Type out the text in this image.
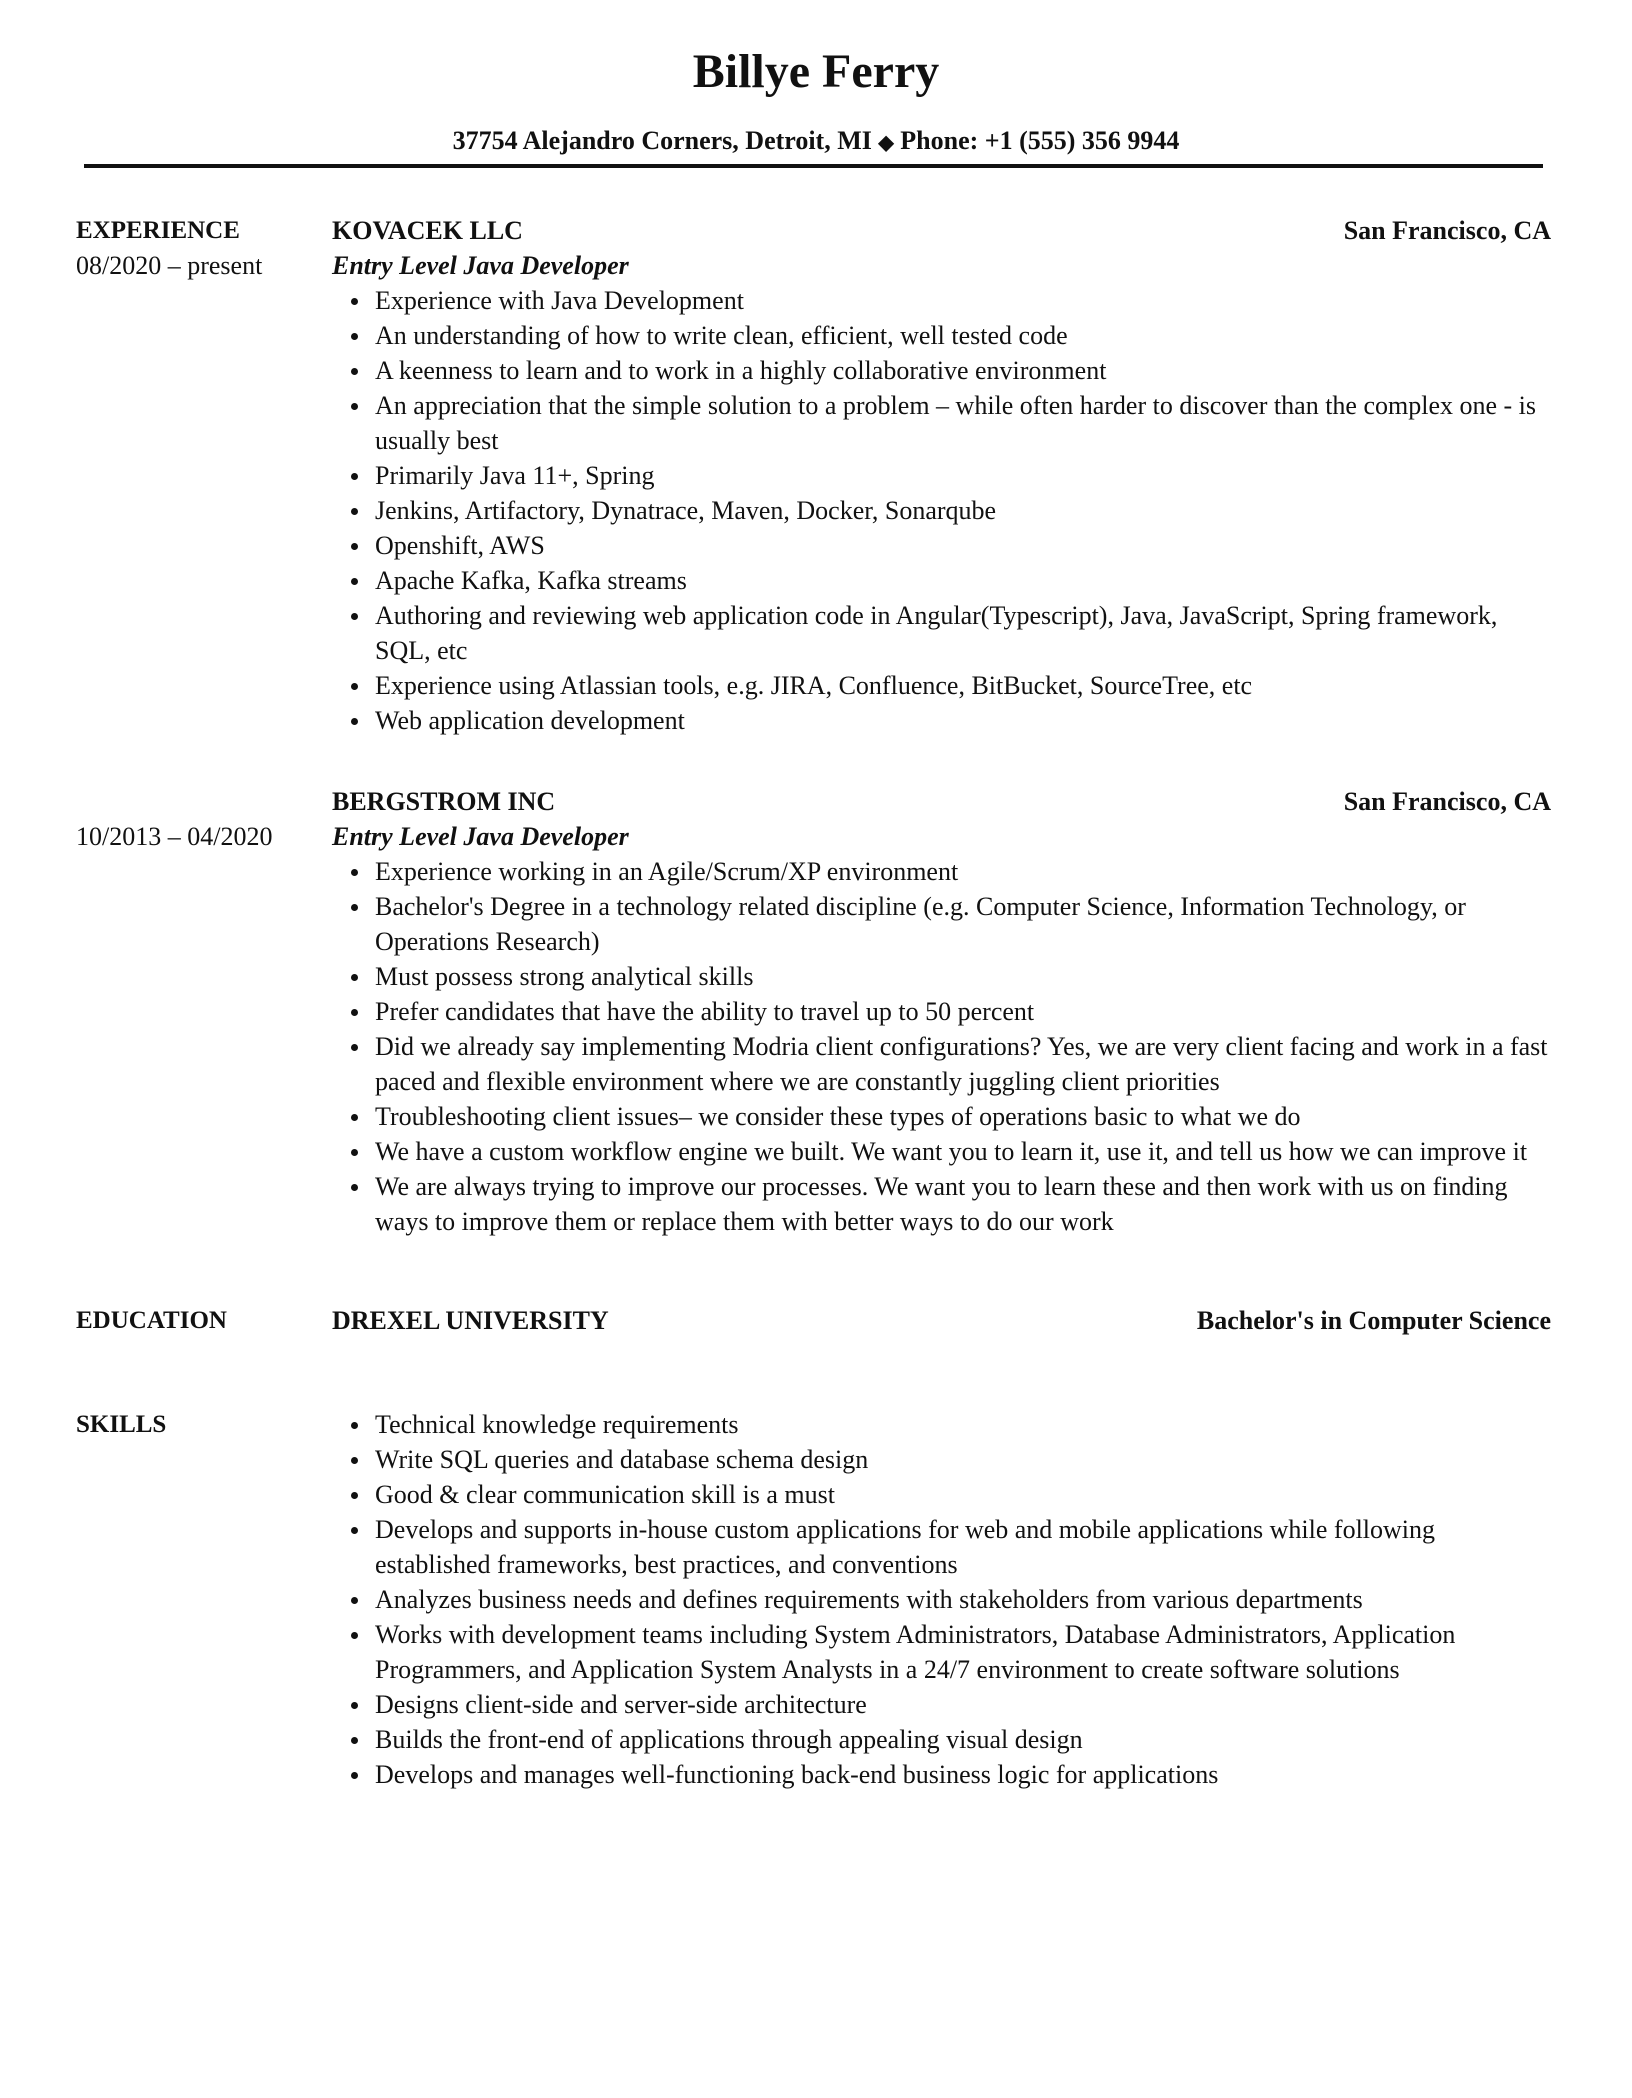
Billye Ferry
37754 Alejandro Corners, Detroit, MI ◆ Phone: +1 (555) 356 9944
EXPERIENCE
08/2020 – present
KOVACEK LLC	San Francisco, CA
Entry Level Java Developer
Experience with Java Development
An understanding of how to write clean, efficient, well tested code
A keenness to learn and to work in a highly collaborative environment
An appreciation that the simple solution to a problem – while often harder to discover than the complex one - is usually best
Primarily Java 11+, Spring
Jenkins, Artifactory, Dynatrace, Maven, Docker, Sonarqube
Openshift, AWS
Apache Kafka, Kafka streams
Authoring and reviewing web application code in Angular(Typescript), Java, JavaScript, Spring framework, SQL, etc
Experience using Atlassian tools, e.g. JIRA, Confluence, BitBucket, SourceTree, etc
Web application development

10/2013 – 04/2020
BERGSTROM INC	San Francisco, CA
Entry Level Java Developer
Experience working in an Agile/Scrum/XP environment
Bachelor's Degree in a technology related discipline (e.g. Computer Science, Information Technology, or Operations Research)
Must possess strong analytical skills
Prefer candidates that have the ability to travel up to 50 percent
Did we already say implementing Modria client configurations? Yes, we are very client facing and work in a fast paced and flexible environment where we are constantly juggling client priorities
Troubleshooting client issues– we consider these types of operations basic to what we do
We have a custom workflow engine we built. We want you to learn it, use it, and tell us how we can improve it
We are always trying to improve our processes. We want you to learn these and then work with us on finding ways to improve them or replace them with better ways to do our work
EDUCATION	DREXEL UNIVERSITY	Bachelor's in Computer Science
SKILLS	Technical knowledge requirements
Write SQL queries and database schema design
Good & clear communication skill is a must
Develops and supports in-house custom applications for web and mobile applications while following established frameworks, best practices, and conventions
Analyzes business needs and defines requirements with stakeholders from various departments
Works with development teams including System Administrators, Database Administrators, Application Programmers, and Application System Analysts in a 24/7 environment to create software solutions
Designs client-side and server-side architecture
Builds the front-end of applications through appealing visual design
Develops and manages well-functioning back-end business logic for applications
